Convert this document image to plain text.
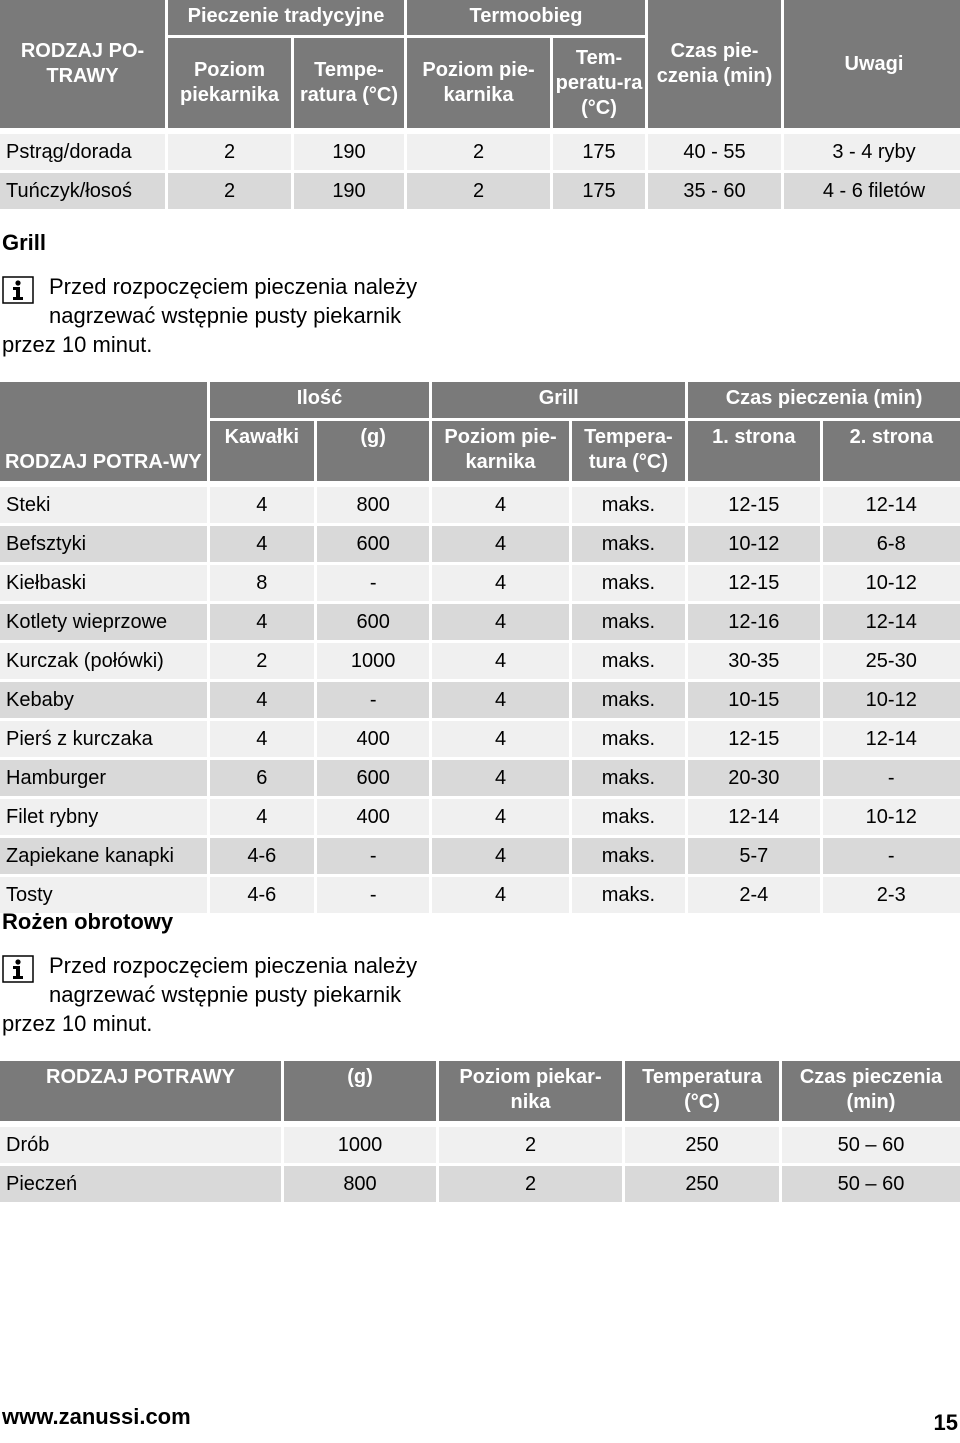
RODZAJ PO-TRAWY	Pieczenie tradycyjne		Termoobieg		Czas pie-czenia (min)	Uwagi
	Poziom piekarnika	Tempe-ratura (°C)	Poziom pie-karnika	Tem-peratu-ra (°C)		
Pstrąg/dorada	2	190	2	175	40 - 55	3 - 4 ryby
Tuńczyk/łosoś	2	190	2	175	35 - 60	4 - 6 filetów
Grill
Przed rozpoczęciem pieczenia należy
nagrzewać wstępnie pusty piekarnik
przez 10 minut.
RODZAJ POTRA-WY	Ilość		Grill		Czas pieczenia (min)	
	Kawałki	(g)	Poziom pie-karnika	Tempera-tura (°C)	1. strona	2. strona
Steki	4	800	4	maks.	12-15	12-14
Befsztyki	4	600	4	maks.	10-12	6-8
Kiełbaski	8	-	4	maks.	12-15	10-12
Kotlety wieprzowe	4	600	4	maks.	12-16	12-14
Kurczak (połówki)	2	1000	4	maks.	30-35	25-30
Kebaby	4	-	4	maks.	10-15	10-12
Pierś z kurczaka	4	400	4	maks.	12-15	12-14
Hamburger	6	600	4	maks.	20-30	-
Filet rybny	4	400	4	maks.	12-14	10-12
Zapiekane kanapki	4-6	-	4	maks.	5-7	-
Tosty	4-6	-	4	maks.	2-4	2-3
Rożen obrotowy
Przed rozpoczęciem pieczenia należy
nagrzewać wstępnie pusty piekarnik
przez 10 minut.
RODZAJ POTRAWY	(g)	Poziom piekar-nika	Temperatura (°C)	Czas pieczenia (min)
Drób	1000	2	250	50 – 60
Pieczeń	800	2	250	50 – 60
www.zanussi.com	15
